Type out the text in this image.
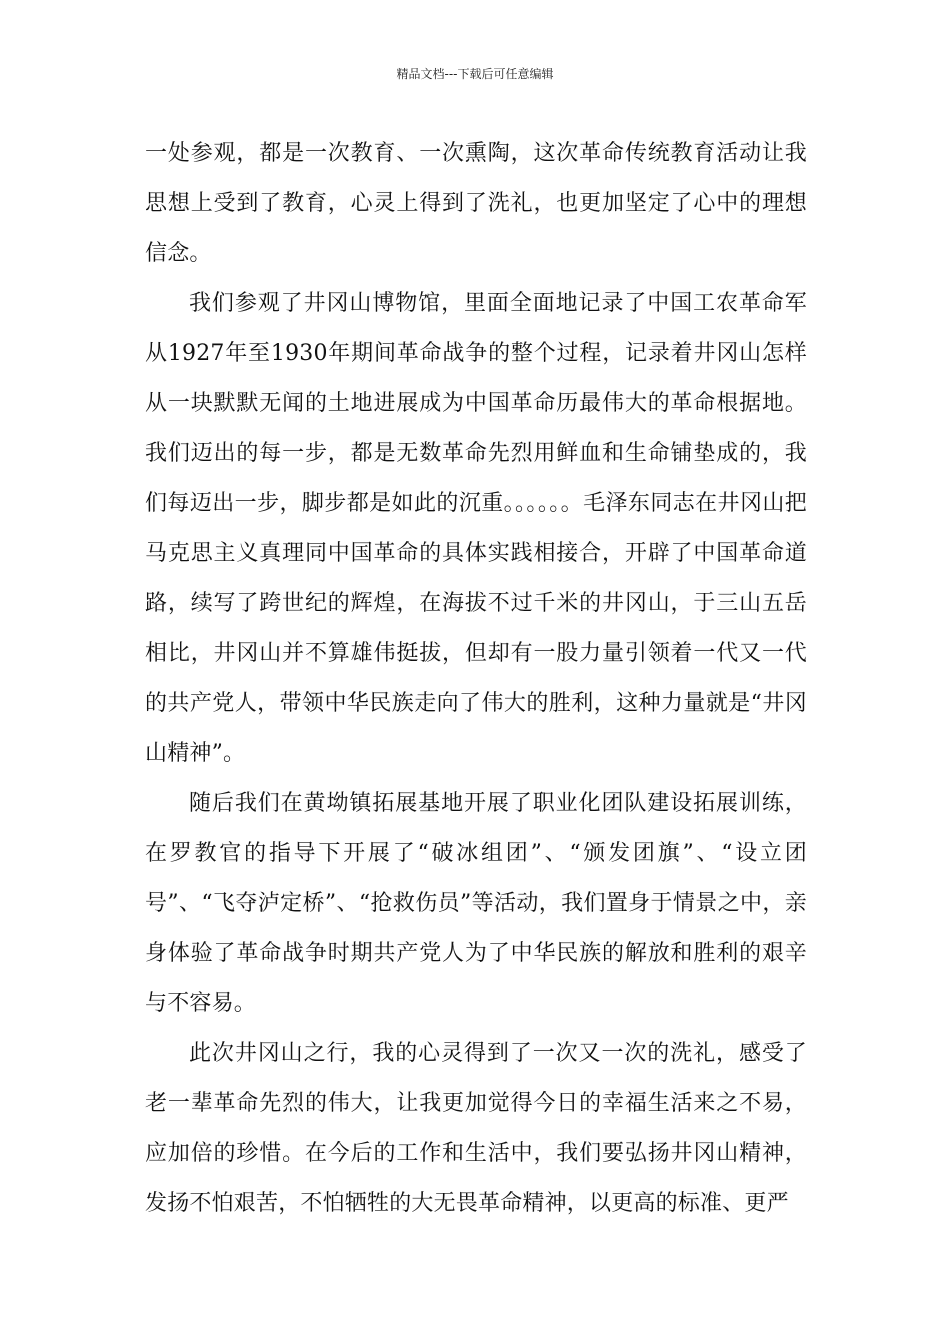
精品文档---下载后可任意编辑

一处参观，都是一次教育、一次熏陶，这次革命传统教育活动让我思想上受到了教育，心灵上得到了洗礼，也更加坚定了心中的理想信念。

我们参观了井冈山博物馆，里面全面地记录了中国工农革命军从1927年至1930年期间革命战争的整个过程，记录着井冈山怎样从一块默默无闻的土地进展成为中国革命历最伟大的革命根据地。我们迈出的每一步，都是无数革命先烈用鲜血和生命铺垫成的，我们每迈出一步，脚步都是如此的沉重。。。。。。毛泽东同志在井冈山把马克思主义真理同中国革命的具体实践相接合，开辟了中国革命道路，续写了跨世纪的辉煌，在海拔不过千米的井冈山，于三山五岳相比，井冈山并不算雄伟挺拔，但却有一股力量引领着一代又一代的共产党人，带领中华民族走向了伟大的胜利，这种力量就是“井冈山精神”。

随后我们在黄坳镇拓展基地开展了职业化团队建设拓展训练，在罗教官的指导下开展了“破冰组团”、“颁发团旗”、“设立团号”、“飞夺泸定桥”、“抢救伤员”等活动，我们置身于情景之中，亲身体验了革命战争时期共产党人为了中华民族的解放和胜利的艰辛与不容易。

此次井冈山之行，我的心灵得到了一次又一次的洗礼，感受了老一辈革命先烈的伟大，让我更加觉得今日的幸福生活来之不易，应加倍的珍惜。在今后的工作和生活中，我们要弘扬井冈山精神，发扬不怕艰苦，不怕牺牲的大无畏革命精神，以更高的标准、更严
